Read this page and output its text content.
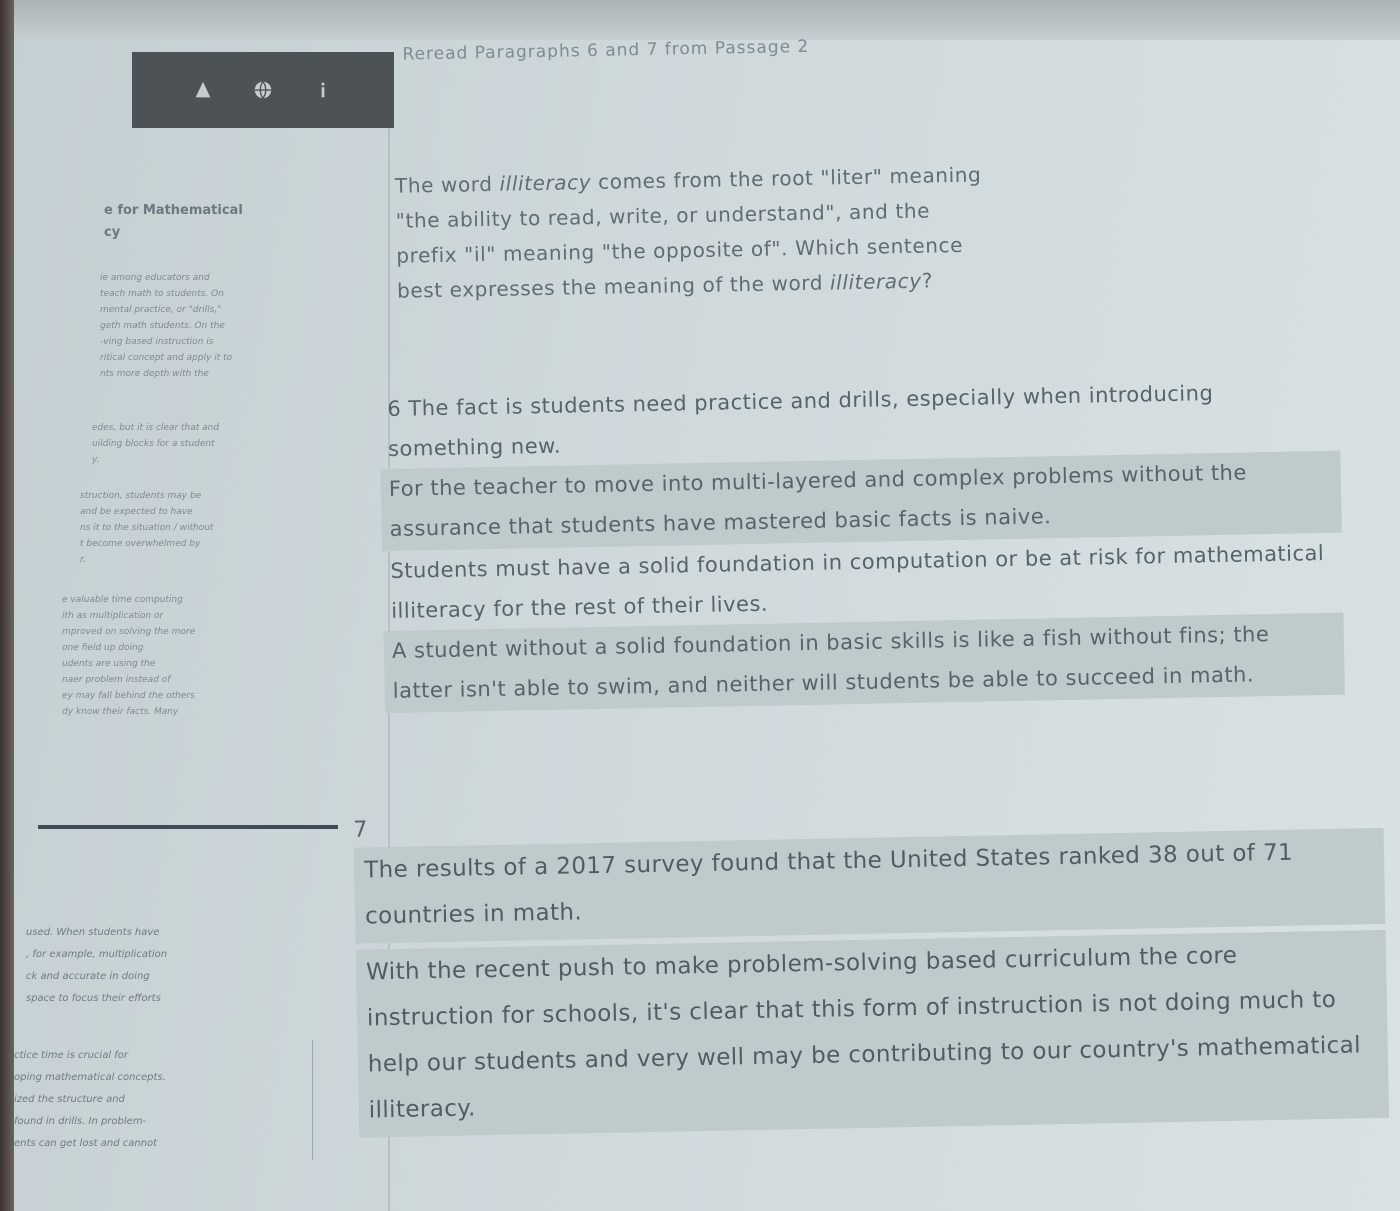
e for Mathematical
cy

ie among educators and

teach math to students. On

mental practice, or "drills,"

geth math students. On the

-ving based instruction is

ritical concept and apply it to

nts more depth with the

edes, but it is clear that and

uilding blocks for a student

y.

struction, students may be

and be expected to have

ns it to the situation / without

t become overwhelmed by

r.

e valuable time computing

ith as multiplication or

mproved on solving the more

one field up doing

udents are using the

naer problem instead of

ey may fall behind the others

dy know their facts. Many

used. When students have

, for example, multiplication

ck and accurate in doing

space to focus their efforts

ctice time is crucial for

oping mathematical concepts.

ized the structure and

found in drills. In problem-

ents can get lost and cannot

Reread Paragraphs 6 and 7 from Passage 2
The word illiteracy comes from the root "liter" meaning "the ability to read, write, or understand", and the prefix "il" meaning "the opposite of". Which sentence best expresses the meaning of the word illiteracy?
6 The fact is students need practice and drills, especially when introducing something new.
For the teacher to move into multi-layered and complex problems without the assurance that students have mastered basic facts is naive.
Students must have a solid foundation in computation or be at risk for mathematical illiteracy for the rest of their lives.
A student without a solid foundation in basic skills is like a fish without fins; the latter isn't able to swim, and neither will students be able to succeed in math.
7
The results of a 2017 survey found that the United States ranked 38 out of 71 countries in math.
With the recent push to make problem-solving based curriculum the core instruction for schools, it's clear that this form of instruction is not doing much to help our students and very well may be contributing to our country's mathematical illiteracy.
